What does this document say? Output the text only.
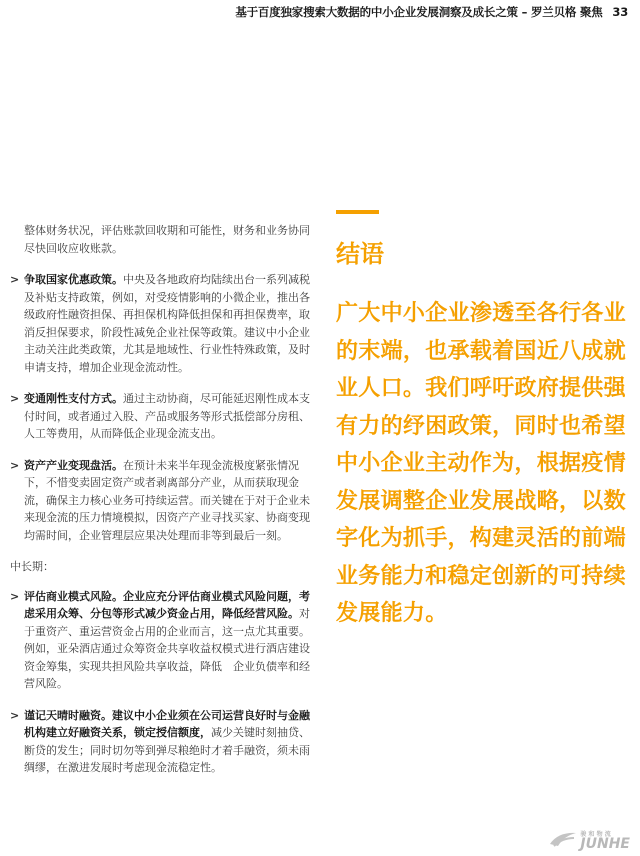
基于百度独家搜索大数据的中小企业发展洞察及成长之策 – 罗兰贝格 聚焦 33

整体财务状况，评估账款回收期和可能性，财务和业务协同尽快回收应收账款。

> 争取国家优惠政策。中央及各地政府均陆续出台一系列减税及补贴支持政策，例如，对受疫情影响的小微企业，推出各级政府性融资担保、再担保机构降低担保和再担保费率，取消反担保要求，阶段性减免企业社保等政策。建议中小企业主动关注此类政策，尤其是地域性、行业性特殊政策，及时申请支持，增加企业现金流动性。
> 变通刚性支付方式。通过主动协商，尽可能延迟刚性成本支付时间，或者通过入股、产品或服务等形式抵偿部分房租、人工等费用，从而降低企业现金流支出。
> 资产产业变现盘活。在预计未来半年现金流极度紧张情况下，不惜变卖固定资产或者剥离部分产业，从而获取现金流，确保主力核心业务可持续运营。而关键在于对于企业未来现金流的压力情境模拟，因资产产业寻找买家、协商变现均需时间，企业管理层应果决处理而非等到最后一刻。

中长期：

> 评估商业模式风险。企业应充分评估商业模式风险问题，考虑采用众筹、分包等形式减少资金占用，降低经营风险。对于重资产、重运营资金占用的企业而言，这一点尤其重要。例如，亚朵酒店通过众筹资金共享收益权模式进行酒店建设资金筹集，实现共担风险共享收益，降低　企业负债率和经营风险。
> 谨记天晴时融资。建议中小企业须在公司运营良好时与金融机构建立好融资关系，锁定授信额度，减少关键时刻抽贷、断贷的发生；同时切勿等到弹尽粮绝时才着手融资，须未雨绸缪，在激进发展时考虑现金流稳定性。
结语
广大中小企业渗透至各行各业的末端，也承载着国近八成就业人口。我们呼吁政府提供强有力的纾困政策，同时也希望中小企业主动作为，根据疫情发展调整企业发展战略，以数字化为抓手，构建灵活的前端业务能力和稳定创新的可持续发展能力。
骏 和 物 流
JUNHE
